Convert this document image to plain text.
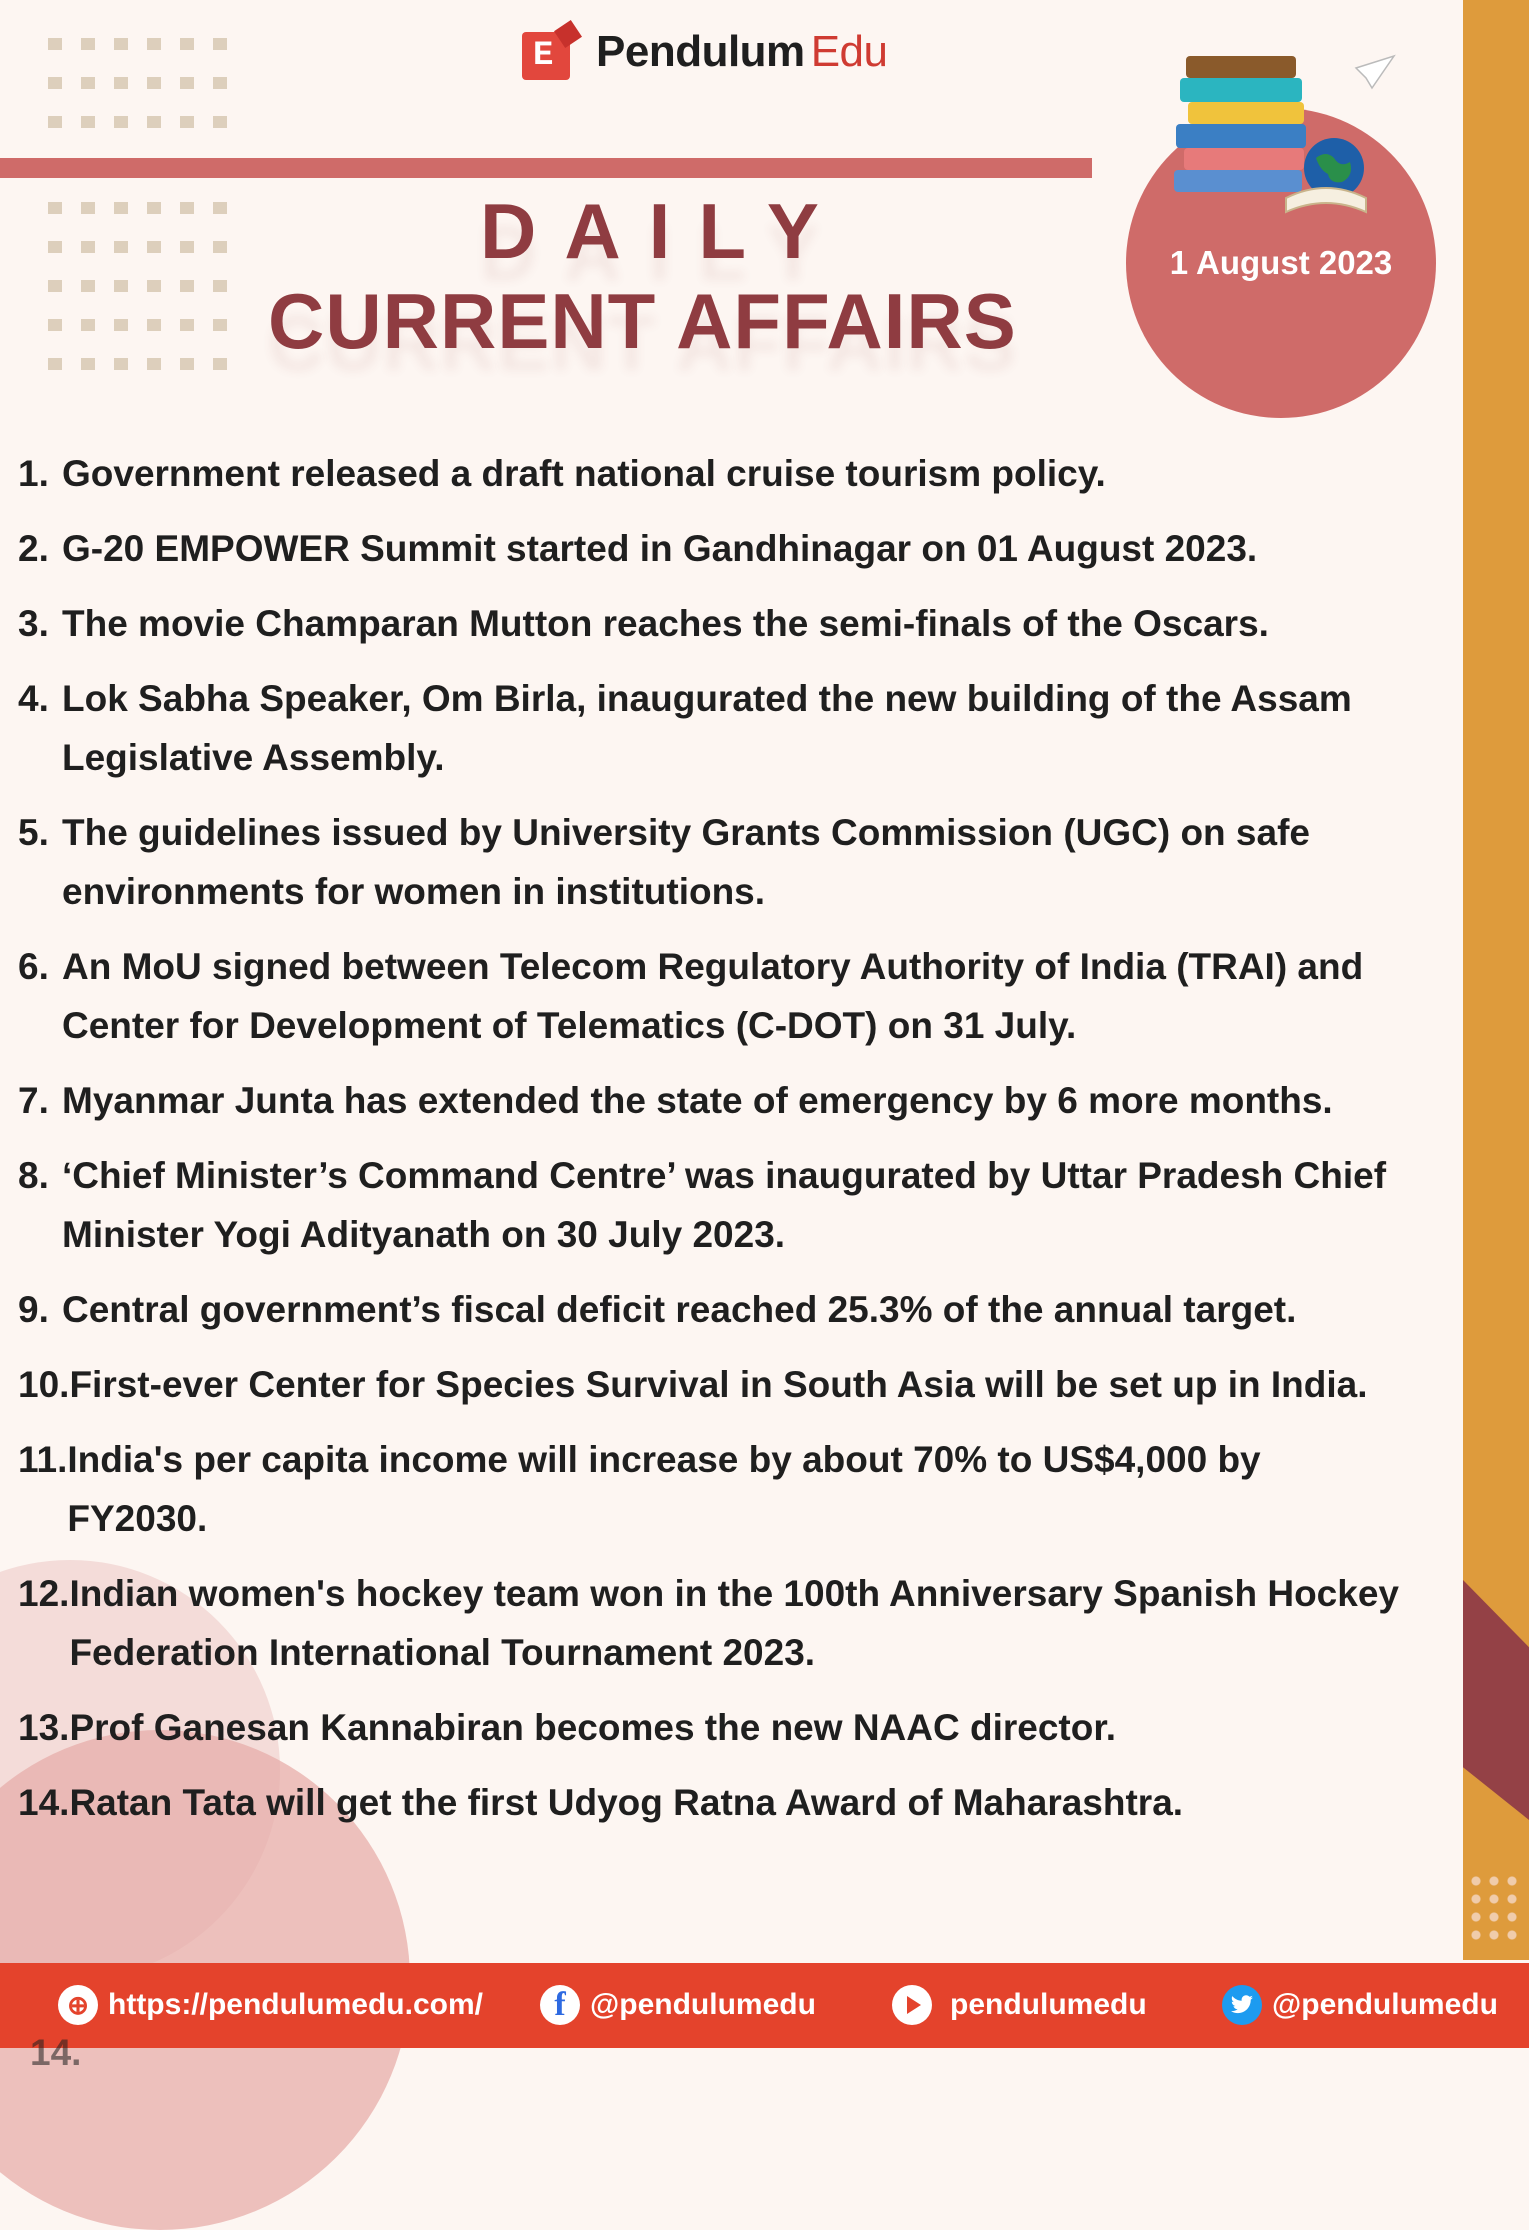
E
Pendulum Edu
DAILY
CURRENT AFFAIRS
1 August 2023
1. Government released a draft national cruise tourism policy.
2. G-20 EMPOWER Summit started in Gandhinagar on 01 August 2023.
3. The movie Champaran Mutton reaches the semi-finals of the Oscars.
4. Lok Sabha Speaker, Om Birla, inaugurated the new building of the Assam Legislative Assembly.
5. The guidelines issued by University Grants Commission (UGC) on safe environments for women in institutions.
6. An MoU signed between Telecom Regulatory Authority of India (TRAI) and Center for Development of Telematics (C-DOT) on 31 July.
7. Myanmar Junta has extended the state of emergency by 6 more months.
8. ‘Chief Minister’s Command Centre’ was inaugurated by Uttar Pradesh Chief Minister Yogi Adityanath on 30 July 2023.
9. Central government’s fiscal deficit reached 25.3% of the annual target.
10. First-ever Center for Species Survival in South Asia will be set up in India.
11. India's per capita income will increase by about 70% to US$4,000 by FY2030.
12. Indian women's hockey team won in the 100th Anniversary Spanish Hockey Federation International Tournament 2023.
13. Prof Ganesan Kannabiran becomes the new NAAC director.
14. Ratan Tata will get the first Udyog Ratna Award of Maharashtra.
⊕ https://pendulumedu.com/	f @pendulumedu	pendulumedu	@pendulumedu
14.
